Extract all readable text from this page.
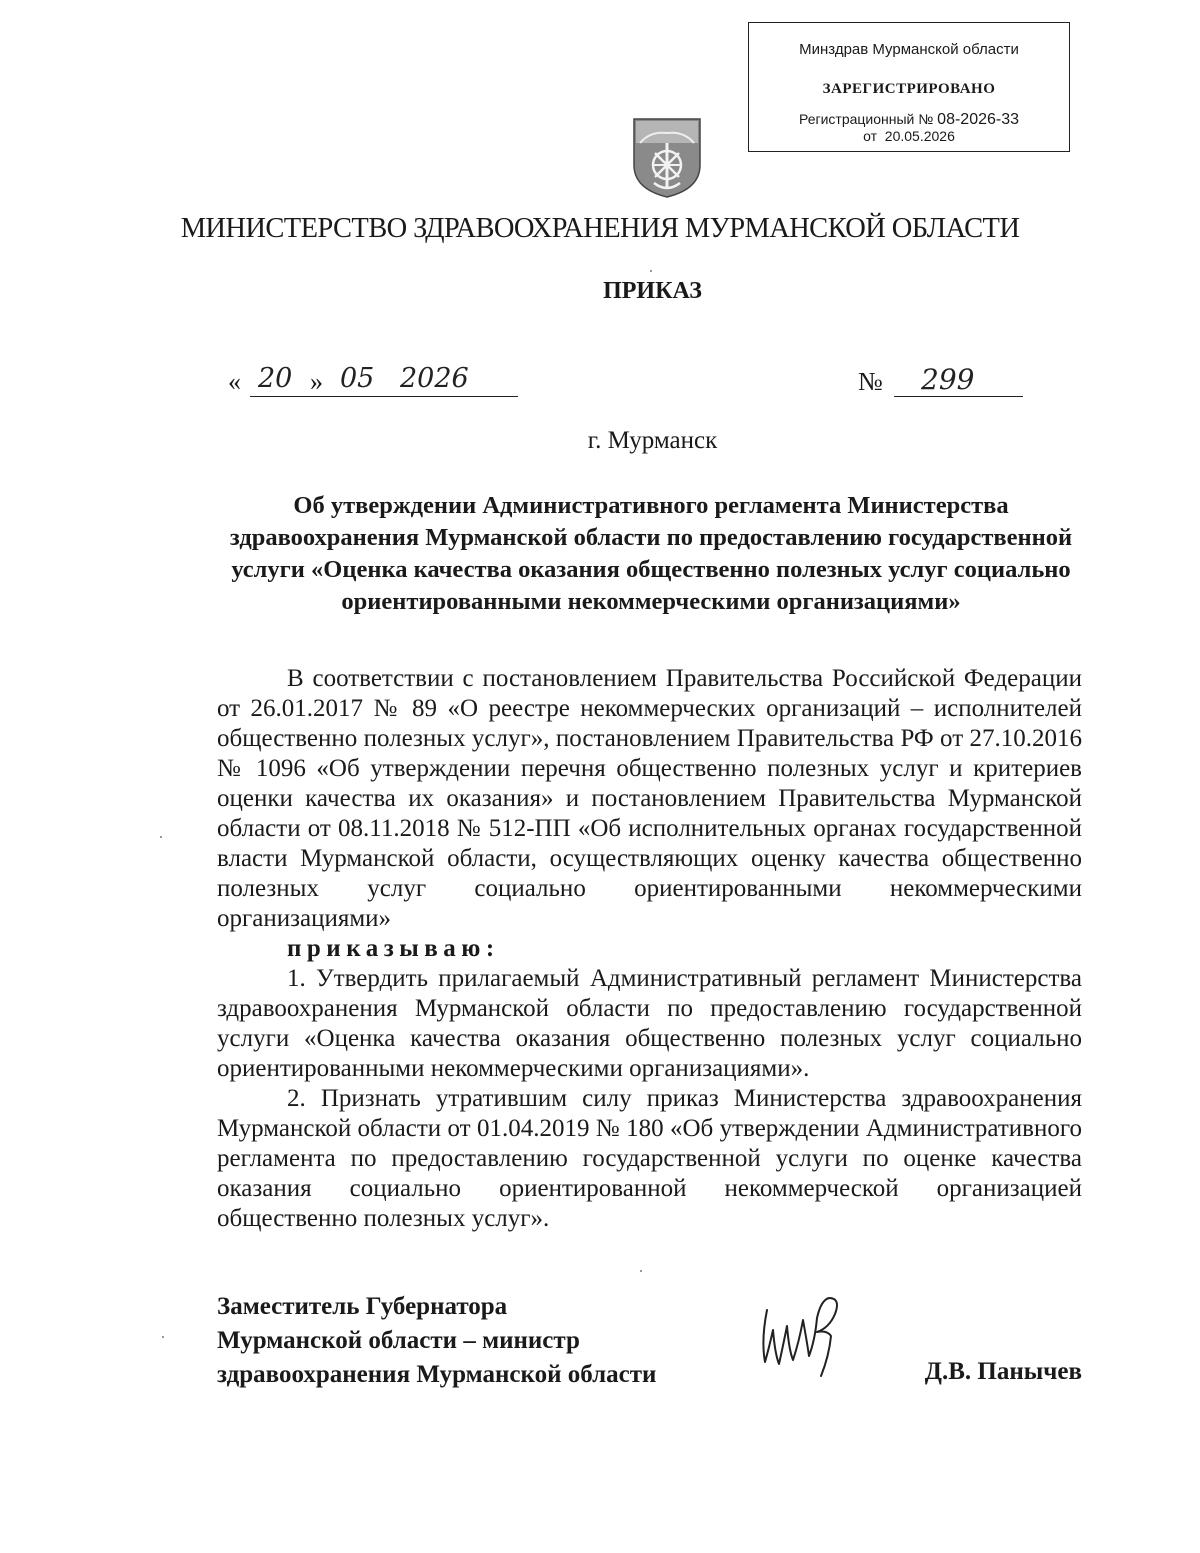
Минздрав Мурманской области
ЗАРЕГИСТРИРОВАНО
Регистрационный № 08-2026-33
от 20.05.2026
МИНИСТЕРСТВО ЗДРАВООХРАНЕНИЯ МУРМАНСКОЙ ОБЛАСТИ
ПРИКАЗ
« 20 » 05 2026	№ 299
г. Мурманск
Об утверждении Административного регламента Министерства здравоохранения Мурманской области по предоставлению государственной услуги «Оценка качества оказания общественно полезных услуг социально ориентированными некоммерческими организациями»

В соответствии с постановлением Правительства Российской Федерации от 26.01.2017 № 89 «О реестре некоммерческих организаций – исполнителей общественно полезных услуг», постановлением Правительства РФ от 27.10.2016 № 1096 «Об утверждении перечня общественно полезных услуг и критериев оценки качества их оказания» и постановлением Правительства Мурманской области от 08.11.2018 № 512-ПП «Об исполнительных органах государственной власти Мурманской области, осуществляющих оценку качества общественно полезных услуг социально ориентированными некоммерческими организациями»

приказываю:

1. Утвердить прилагаемый Административный регламент Министерства здравоохранения Мурманской области по предоставлению государственной услуги «Оценка качества оказания общественно полезных услуг социально ориентированными некоммерческими организациями».

2. Признать утратившим силу приказ Министерства здравоохранения Мурманской области от 01.04.2019 № 180 «Об утверждении Административного регламента по предоставлению государственной услуги по оценке качества оказания социально ориентированной некоммерческой организацией общественно полезных услуг».

Заместитель Губернатора
Мурманской области – министр
здравоохранения Мурманской области	Д.В. Панычев
